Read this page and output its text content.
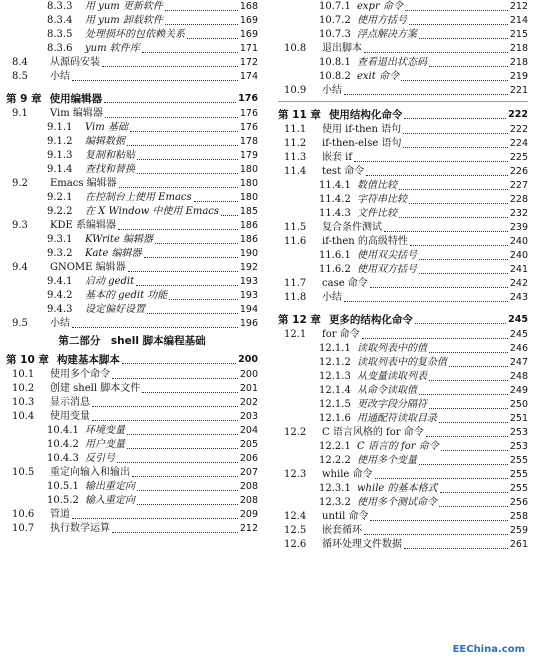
8.3.3	用 yum 更新软件	168
8.3.4	用 yum 卸载软件	169
8.3.5	处理损坏的包依赖关系	169
8.3.6	yum 软件库	171
8.4	从源码安装	172
8.5	小结	174
第 9 章 使用编辑器	176
9.1	Vim 编辑器	176
9.1.1	Vim 基础	176
9.1.2	编辑数据	178
9.1.3	复制和粘贴	179
9.1.4	查找和替换	180
9.2	Emacs 编辑器	180
9.2.1	在控制台上使用 Emacs	180
9.2.2	在 X Window 中使用 Emacs 185
9.3	KDE 系编辑器	186
9.3.1	KWrite 编辑器	186
9.3.2	Kate 编辑器	190
9.4	GNOME 编辑器	192
9.4.1	启动 gedit	193
9.4.2	基本的 gedit 功能	193
9.4.3	设定偏好设置	194
9.5	小结	196
第二部分　shell 脚本编程基础
第 10 章 构建基本脚本	200
10.1	使用多个命令	200
10.2	创建 shell 脚本文件	201
10.3	显示消息	202
10.4	使用变量	203
10.4.1 环境变量	204
10.4.2 用户变量	205
10.4.3 反引号	206
10.5	重定向输入和输出	207
10.5.1 输出重定向	208
10.5.2 输入重定向	208
10.6	管道	209
10.7	执行数学运算	212
10.7.1 expr 命令	212
10.7.2 使用方括号	214
10.7.3 浮点解决方案	215
10.8	退出脚本	218
10.8.1 查看退出状态码	218
10.8.2 exit 命令	219
10.9	小结	221
第 11 章 使用结构化命令	222
11.1	使用 if-then 语句	222
11.2	if-then-else 语句	224
11.3	嵌套 if	225
11.4	test 命令	226
11.4.1 数值比较	227
11.4.2 字符串比较	228
11.4.3 文件比较	232
11.5	复合条件测试	239
11.6	if-then 的高级特性	240
11.6.1 使用双尖括号	240
11.6.2 使用双方括号	241
11.7	case 命令	242
11.8	小结	243
第 12 章 更多的结构化命令	245
12.1	for 命令	245
12.1.1 读取列表中的值	246
12.1.2 读取列表中的复杂值	247
12.1.3 从变量读取列表	248
12.1.4 从命令读取值	249
12.1.5 更改字段分隔符	250
12.1.6 用通配符读取目录	251
12.2	C 语言风格的 for 命令	253
12.2.1 C 语言的 for 命令	253
12.2.2 使用多个变量	255
12.3	while 命令	255
12.3.1 while 的基本格式	255
12.3.2 使用多个测试命令	256
12.4	until 命令	258
12.5	嵌套循环	259
12.6	循环处理文件数据	261
EEChina.com
